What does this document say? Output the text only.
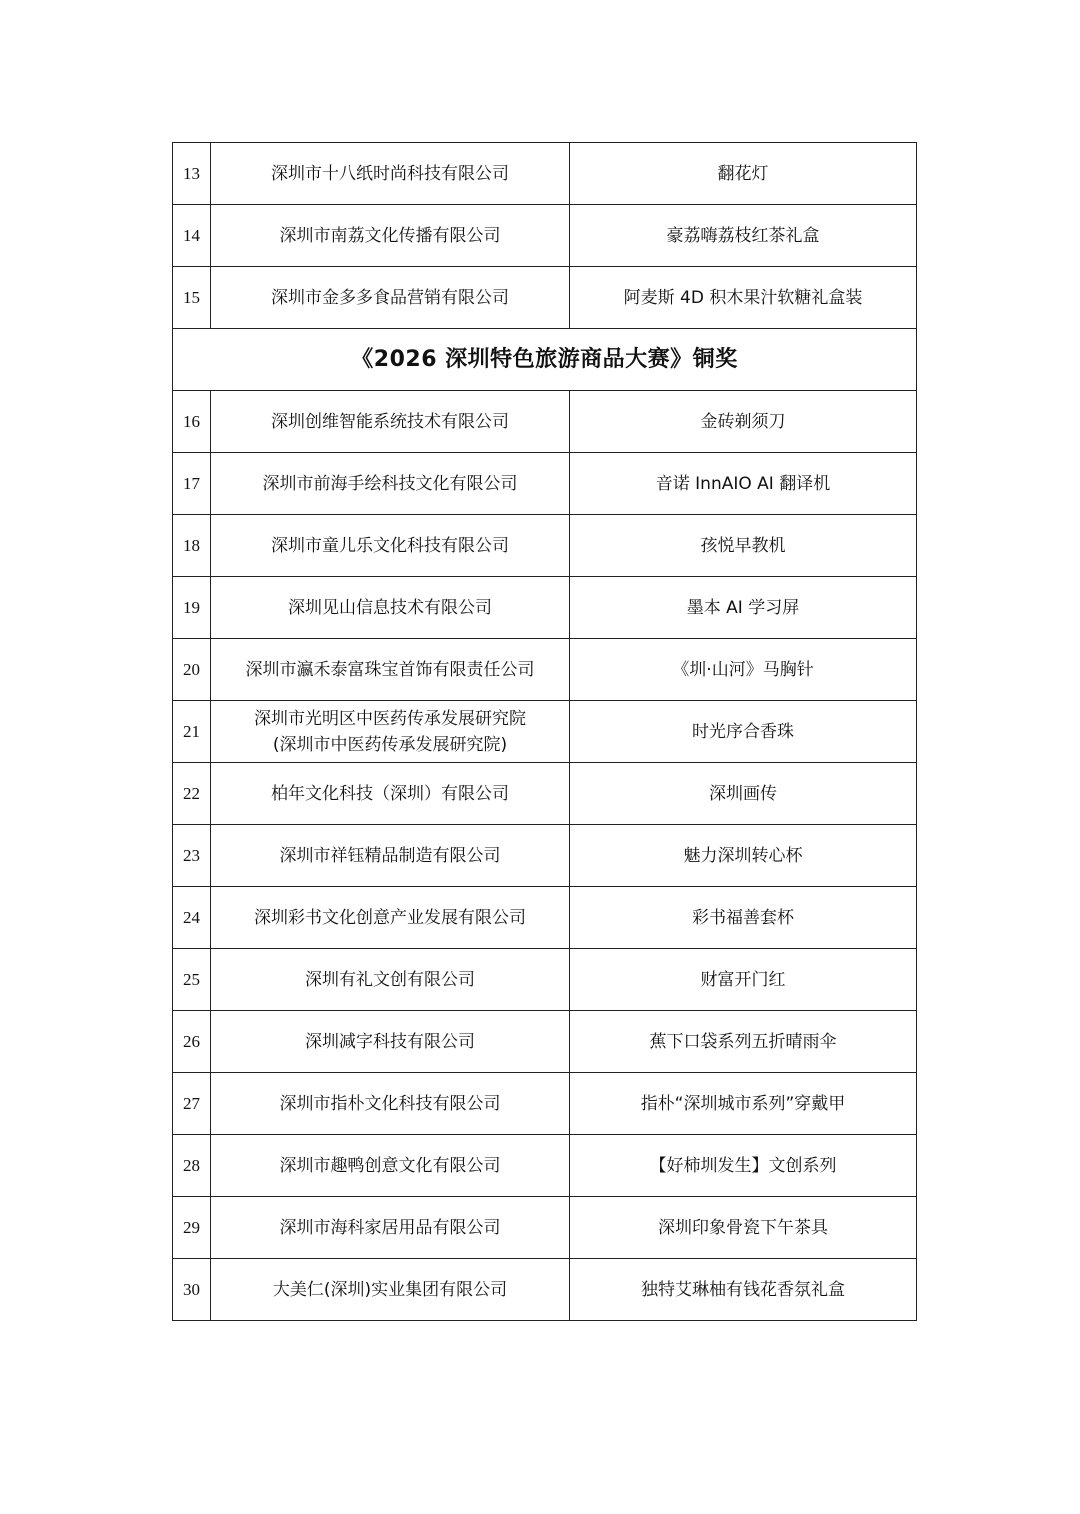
13	深圳市十八纸时尚科技有限公司	翻花灯
14	深圳市南荔文化传播有限公司	豪荔嗨荔枝红茶礼盒
15	深圳市金多多食品营销有限公司	阿麦斯 4D 积木果汁软糖礼盒装
《2026 深圳特色旅游商品大赛》铜奖		
16	深圳创维智能系统技术有限公司	金砖剃须刀
17	深圳市前海手绘科技文化有限公司	音诺 InnAIO AI 翻译机
18	深圳市童儿乐文化科技有限公司	孩悦早教机
19	深圳见山信息技术有限公司	墨本 AI 学习屏
20	深圳市瀛禾泰富珠宝首饰有限责任公司	《圳·山河》马胸针
21	深圳市光明区中医药传承发展研究院
(深圳市中医药传承发展研究院)	时光序合香珠
22	柏年文化科技（深圳）有限公司	深圳画传
23	深圳市祥钰精品制造有限公司	魅力深圳转心杯
24	深圳彩书文化创意产业发展有限公司	彩书福善套杯
25	深圳有礼文创有限公司	财富开门红
26	深圳减字科技有限公司	蕉下口袋系列五折晴雨伞
27	深圳市指朴文化科技有限公司	指朴“深圳城市系列”穿戴甲
28	深圳市趣鸭创意文化有限公司	【好柿圳发生】文创系列
29	深圳市海科家居用品有限公司	深圳印象骨瓷下午茶具
30	大美仁(深圳)实业集团有限公司	独特艾琳柚有钱花香氛礼盒
